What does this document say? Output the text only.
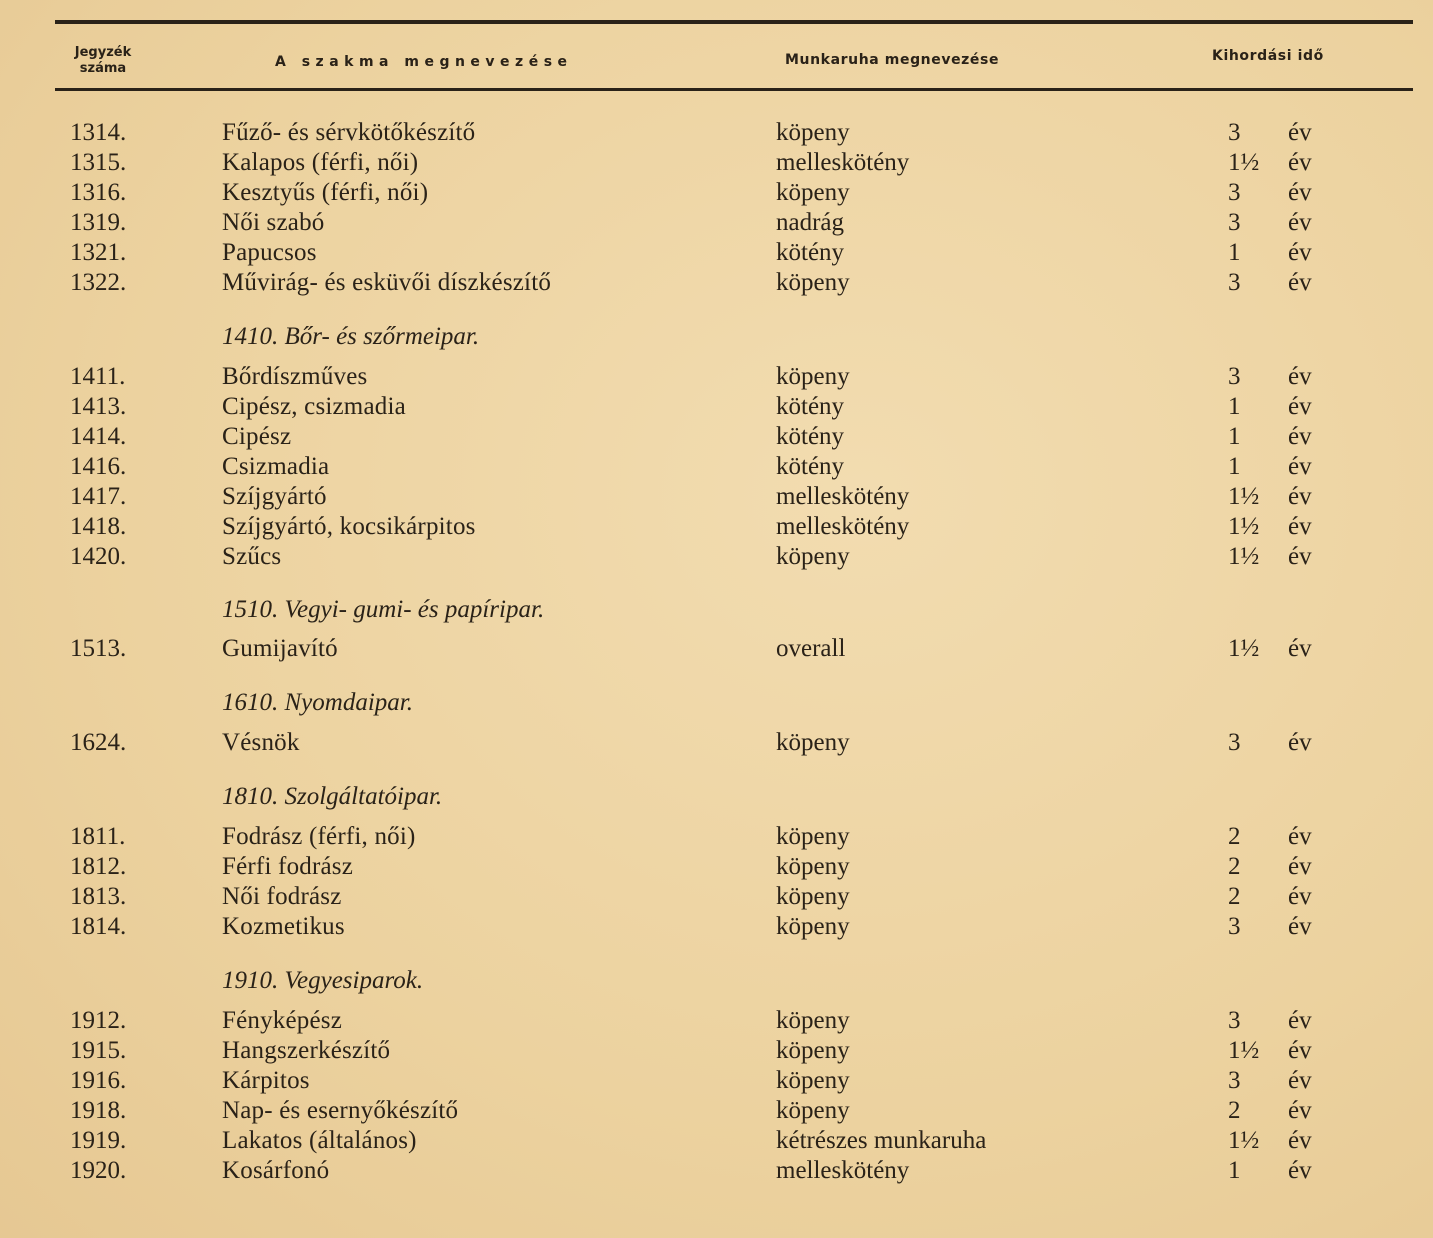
Jegyzék száma	A szakma megnevezése	Munkaruha megnevezése	Kihordási idő
1314.	Fűző- és sérvkötőkészítő	köpeny	3	év
1315.	Kalapos (férfi, női)	melleskötény	1½	év
1316.	Kesztyűs (férfi, női)	köpeny	3	év
1319.	Női szabó	nadrág	3	év
1321.	Papucsos	kötény	1	év
1322.	Művirág- és esküvői díszkészítő	köpeny	3	év
1410. Bőr- és szőrmeipar.
1411.	Bőrdíszműves	köpeny	3	év
1413.	Cipész, csizmadia	kötény	1	év
1414.	Cipész	kötény	1	év
1416.	Csizmadia	kötény	1	év
1417.	Szíjgyártó	melleskötény	1½	év
1418.	Szíjgyártó, kocsikárpitos	melleskötény	1½	év
1420.	Szűcs	köpeny	1½	év
1510. Vegyi- gumi- és papíripar.
1513.	Gumijavító	overall	1½	év
1610. Nyomdaipar.
1624.	Vésnök	köpeny	3	év
1810. Szolgáltatóipar.
1811.	Fodrász (férfi, női)	köpeny	2	év
1812.	Férfi fodrász	köpeny	2	év
1813.	Női fodrász	köpeny	2	év
1814.	Kozmetikus	köpeny	3	év
1910. Vegyesiparok.
1912.	Fényképész	köpeny	3	év
1915.	Hangszerkészítő	köpeny	1½	év
1916.	Kárpitos	köpeny	3	év
1918.	Nap- és esernyőkészítő	köpeny	2	év
1919.	Lakatos (általános)	kétrészes munkaruha	1½	év
1920.	Kosárfonó	melleskötény	1	év
